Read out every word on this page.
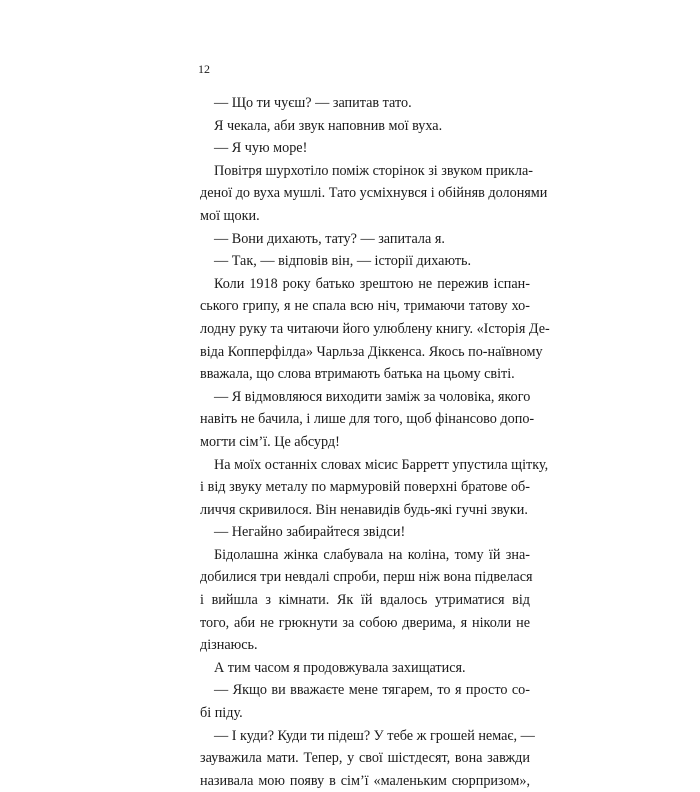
12
— Що ти чуєш? — запитав тато.
Я чекала, аби звук наповнив мої вуха.
— Я чую море!
Повітря шурхотіло поміж сторінок зі звуком прикла-
деної до вуха мушлі. Тато усміхнувся і обійняв долонями
мої щоки.
— Вони дихають, тату? — запитала я.
— Так, — відповів він, — історії дихають.
Коли 1918 року батько зрештою не пережив іспан-
ського грипу, я не спала всю ніч, тримаючи татову хо-
лодну руку та читаючи його улюблену книгу. «Історія Де-
віда Копперфілда» Чарльза Діккенса. Якось по-наївному
вважала, що слова втримають батька на цьому світі.
— Я відмовляюся виходити заміж за чоловіка, якого
навіть не бачила, і лише для того, щоб фінансово допо-
могти сім’ї. Це абсурд!
На моїх останніх словах місис Барретт упустила щітку,
і від звуку металу по мармуровій поверхні братове об-
личчя скривилося. Він ненавидів будь-які гучні звуки.
— Негайно забирайтеся звідси!
Бідолашна жінка слабувала на коліна, тому їй зна-
добилися три невдалі спроби, перш ніж вона підвелася
і вийшла з кімнати. Як їй вдалось утриматися від
того, аби не грюкнути за собою дверима, я ніколи не
дізнаюсь.
А тим часом я продовжувала захищатися.
— Якщо ви вважаєте мене тягарем, то я просто со-
бі піду.
— І куди? Куди ти підеш? У тебе ж грошей немає, —
зауважила мати. Тепер, у свої шістдесят, вона завжди
називала мою появу в сім’ї «маленьким сюрпризом»,
